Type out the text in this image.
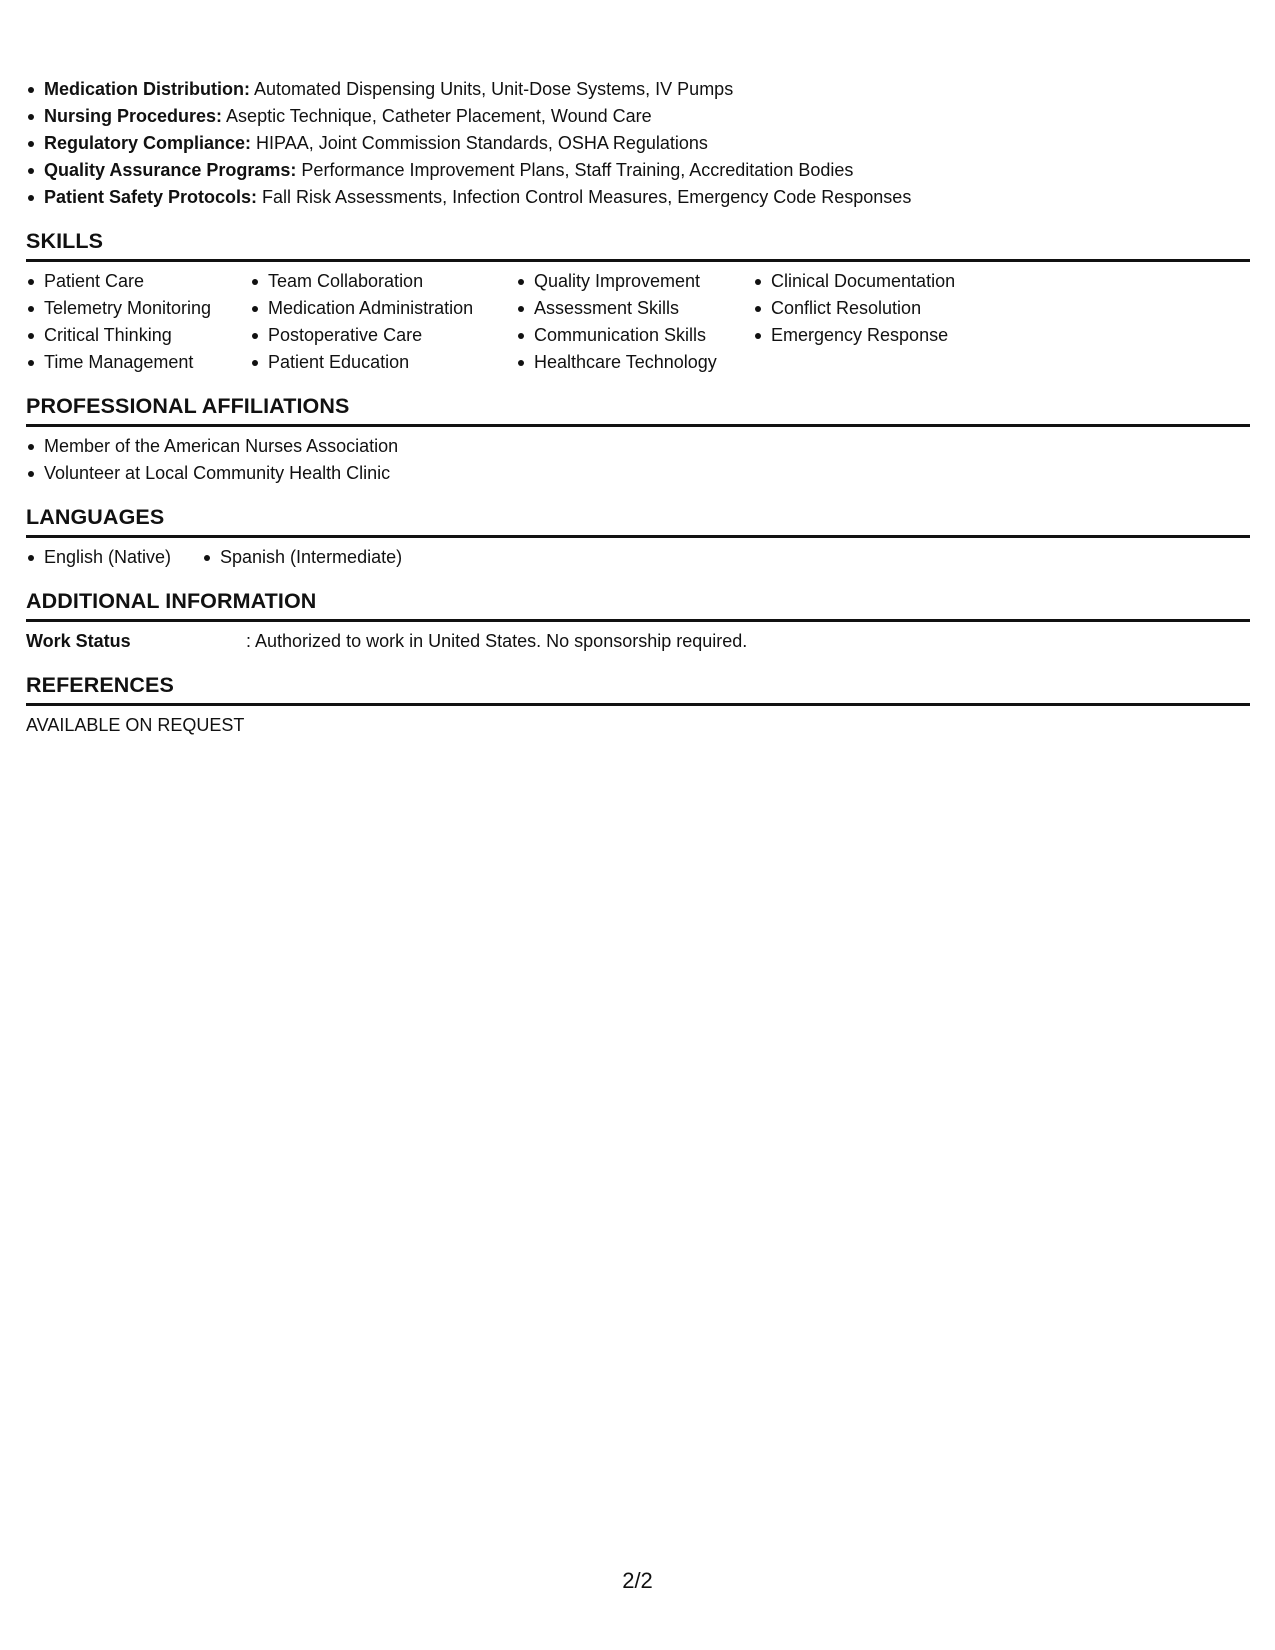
Medication Distribution: Automated Dispensing Units, Unit-Dose Systems, IV Pumps
Nursing Procedures: Aseptic Technique, Catheter Placement, Wound Care
Regulatory Compliance: HIPAA, Joint Commission Standards, OSHA Regulations
Quality Assurance Programs: Performance Improvement Plans, Staff Training, Accreditation Bodies
Patient Safety Protocols: Fall Risk Assessments, Infection Control Measures, Emergency Code Responses
SKILLS
Patient Care
Telemetry Monitoring
Critical Thinking
Time Management
Team Collaboration
Medication Administration
Postoperative Care
Patient Education
Quality Improvement
Assessment Skills
Communication Skills
Healthcare Technology
Clinical Documentation
Conflict Resolution
Emergency Response
PROFESSIONAL AFFILIATIONS
Member of the American Nurses Association
Volunteer at Local Community Health Clinic
LANGUAGES
English (Native)	Spanish (Intermediate)
ADDITIONAL INFORMATION
Work Status	: Authorized to work in United States. No sponsorship required.
REFERENCES
AVAILABLE ON REQUEST
2/2
